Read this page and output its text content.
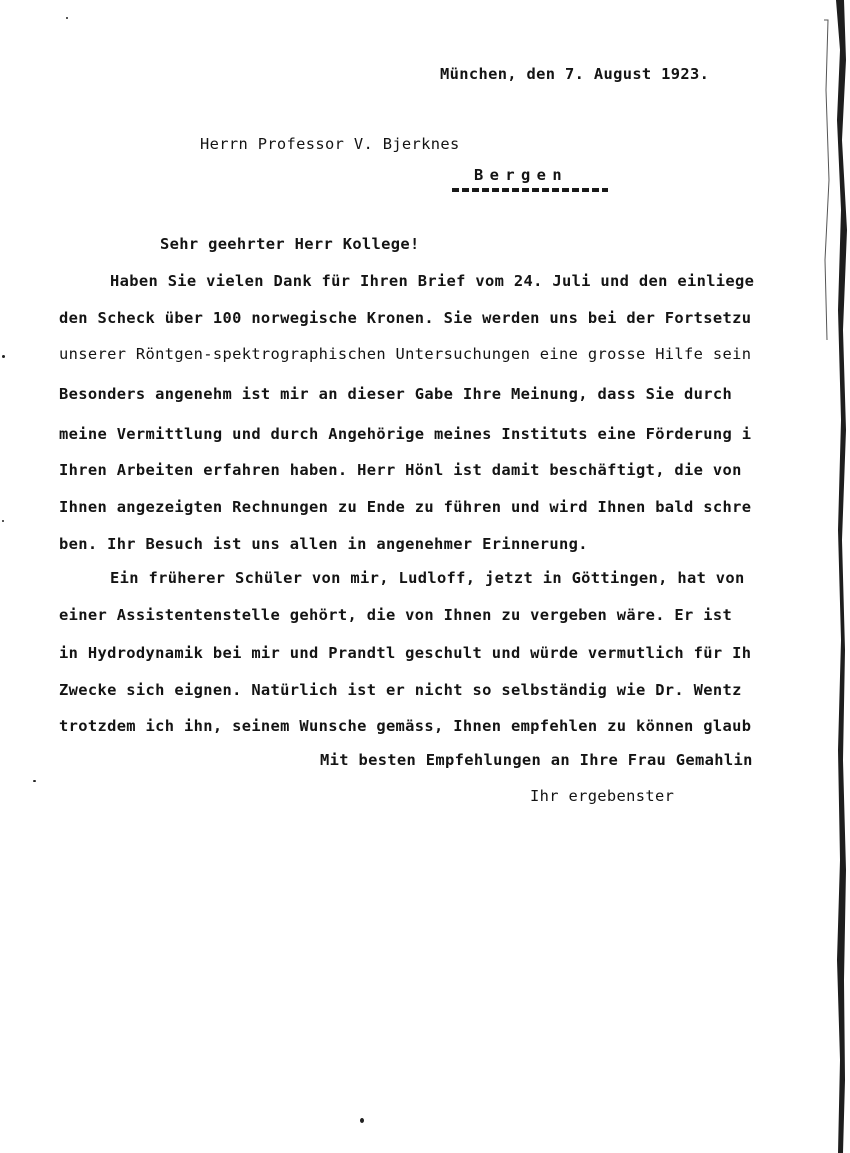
München, den 7. August 1923.
Herrn Professor V. Bjerknes
Bergen
Sehr geehrter Herr Kollege!
Haben Sie vielen Dank für Ihren Brief vom 24. Juli und den einliege
den Scheck über 100 norwegische Kronen. Sie werden uns bei der Fortsetzu
unserer Röntgen-spektrographischen Untersuchungen eine grosse Hilfe sein
Besonders angenehm ist mir an dieser Gabe Ihre Meinung, dass Sie durch
meine Vermittlung und durch Angehörige meines Instituts eine Förderung i
Ihren Arbeiten erfahren haben. Herr Hönl ist damit beschäftigt, die von
Ihnen angezeigten Rechnungen zu Ende zu führen und wird Ihnen bald schre
ben. Ihr Besuch ist uns allen in angenehmer Erinnerung.
Ein früherer Schüler von mir, Ludloff, jetzt in Göttingen, hat von
einer Assistentenstelle gehört, die von Ihnen zu vergeben wäre. Er ist
in Hydrodynamik bei mir und Prandtl geschult und würde vermutlich für Ih
Zwecke sich eignen. Natürlich ist er nicht so selbständig wie Dr. Wentz
trotzdem ich ihn, seinem Wunsche gemäss, Ihnen empfehlen zu können glaub
Mit besten Empfehlungen an Ihre Frau Gemahlin
Ihr ergebenster
